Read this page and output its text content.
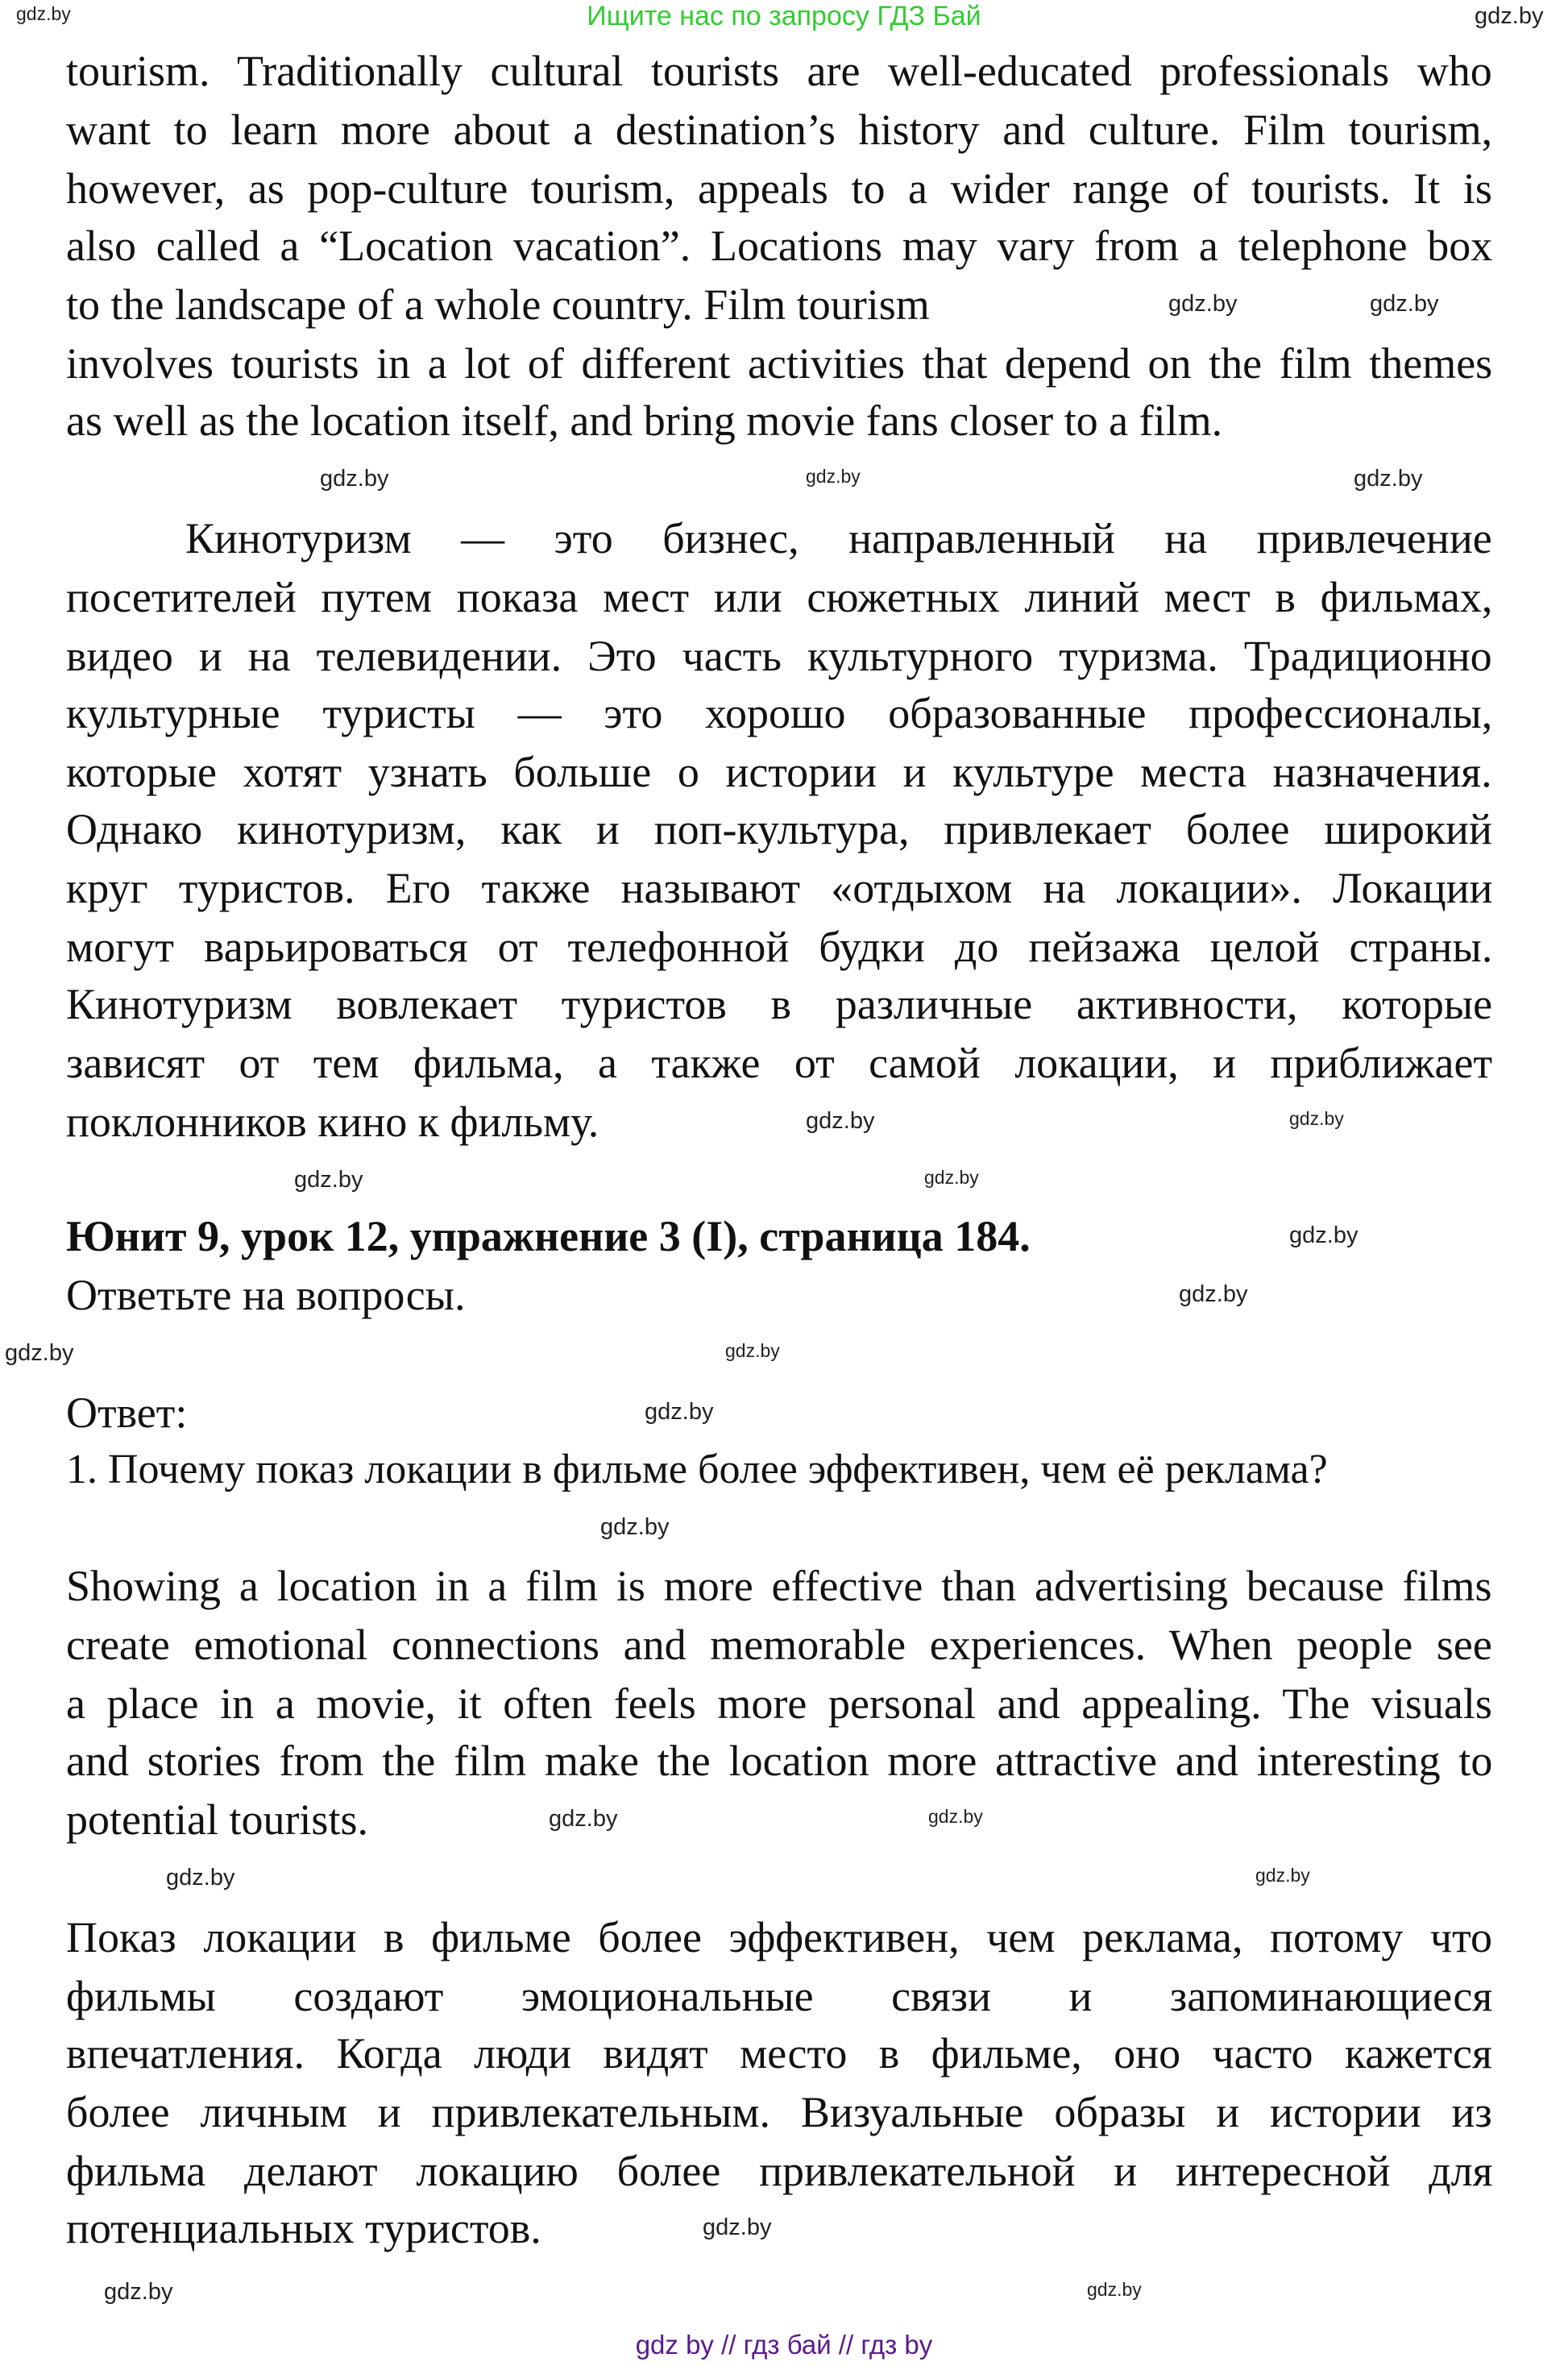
Ищите нас по запросу ГДЗ Бай
tourism. Traditionally cultural tourists are well-educated professionals who
want to learn more about a destination’s history and culture. Film tourism,
however, as pop-culture tourism, appeals to a wider range of tourists. It is
also called a “Location vacation”. Locations may vary from a telephone box
to the landscape of a whole country. Film tourism
involves tourists in a lot of different activities that depend on the film themes
as well as the location itself, and bring movie fans closer to a film.
Кинотуризм — это бизнес, направленный на привлечение
посетителей путем показа мест или сюжетных линий мест в фильмах,
видео и на телевидении. Это часть культурного туризма. Традиционно
культурные туристы — это хорошо образованные профессионалы,
которые хотят узнать больше о истории и культуре места назначения.
Однако кинотуризм, как и поп-культура, привлекает более широкий
круг туристов. Его также называют «отдыхом на локации». Локации
могут варьироваться от телефонной будки до пейзажа целой страны.
Кинотуризм вовлекает туристов в различные активности, которые
зависят от тем фильма, а также от самой локации, и приближает
поклонников кино к фильму.
Юнит 9, урок 12, упражнение 3 (I), страница 184.
Ответьте на вопросы.
Ответ:
1. Почему показ локации в фильме более эффективен, чем её реклама?
Showing a location in a film is more effective than advertising because films
create emotional connections and memorable experiences. When people see
a place in a movie, it often feels more personal and appealing. The visuals
and stories from the film make the location more attractive and interesting to
potential tourists.
Показ локации в фильме более эффективен, чем реклама, потому что
фильмы создают эмоциональные связи и запоминающиеся
впечатления. Когда люди видят место в фильме, оно часто кажется
более личным и привлекательным. Визуальные образы и истории из
фильма делают локацию более привлекательной и интересной для
потенциальных туристов.
gdz.by
gdz.by
gdz.by	gdz.by
gdz.by
gdz.by	gdz.by
gdz.by	gdz.by
gdz.by	gdz.by
gdz.by
gdz.by
gdz.by	gdz.by
gdz.by
gdz.by
gdz.by
gdz.by
gdz.by	gdz.by
gdz.by
gdz.by
gdz.by
gdz by // гдз бай // гдз by
